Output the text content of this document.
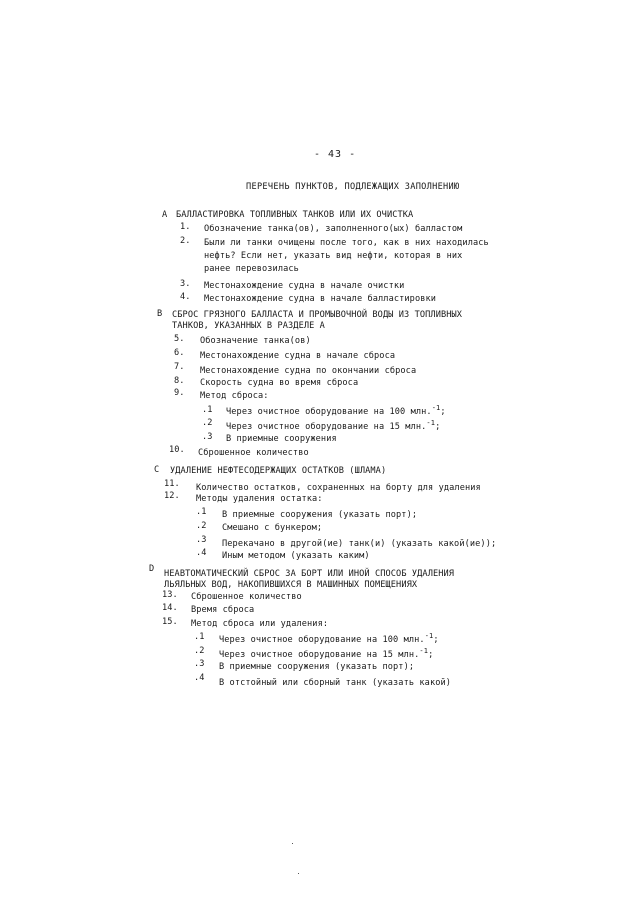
- 43 -
ПЕРЕЧЕНЬ ПУНКТОВ, ПОДЛЕЖАЩИХ ЗАПОЛНЕНИЮ
A БАЛЛАСТИРОВКА ТОПЛИВНЫХ ТАНКОВ ИЛИ ИХ ОЧИСТКА
1. Обозначение танка(ов), заполненного(ых) балластом
2. Были ли танки очищены после того, как в них находилась
нефть? Если нет, указать вид нефти, которая в них
ранее перевозилась
3. Местонахождение судна в начале очистки
4. Местонахождение судна в начале балластировки
B СБРОС ГРЯЗНОГО БАЛЛАСТА И ПРОМЫВОЧНОЙ ВОДЫ ИЗ ТОПЛИВНЫХ
ТАНКОВ, УКАЗАННЫХ В РАЗДЕЛЕ А
5. Обозначение танка(ов)
6. Местонахождение судна в начале сброса
7. Местонахождение судна по окончании сброса
8. Скорость судна во время сброса
9. Метод сброса:
.1 Через очистное оборудование на 100 млн.$^{-1}$;
.2 Через очистное оборудование на 15 млн.$^{-1}$;
.3 В приемные сооружения
10. Сброшенное количество
C УДАЛЕНИЕ НЕФТЕСОДЕРЖАЩИХ ОСТАТКОВ (ШЛАМА)
11. Количество остатков, сохраненных на борту для удаления
12. Методы удаления остатка:
.1 В приемные сооружения (указать порт);
.2 Смешано с бункером;
.3 Перекачано в другой(ие) танк(и) (указать какой(ие));
.4 Иным методом (указать каким)
D НЕАВТОМАТИЧЕСКИЙ СБРОС ЗА БОРТ ИЛИ ИНОЙ СПОСОБ УДАЛЕНИЯ
ЛЬЯЛЬНЫХ ВОД, НАКОПИВШИХСЯ В МАШИННЫХ ПОМЕЩЕНИЯХ
13. Сброшенное количество
14. Время сброса
15. Метод сброса или удаления:
.1 Через очистное оборудование на 100 млн.$^{-1}$;
.2 Через очистное оборудование на 15 млн.$^{-1}$;
.3 В приемные сооружения (указать порт);
.4 В отстойный или сборный танк (указать какой)
